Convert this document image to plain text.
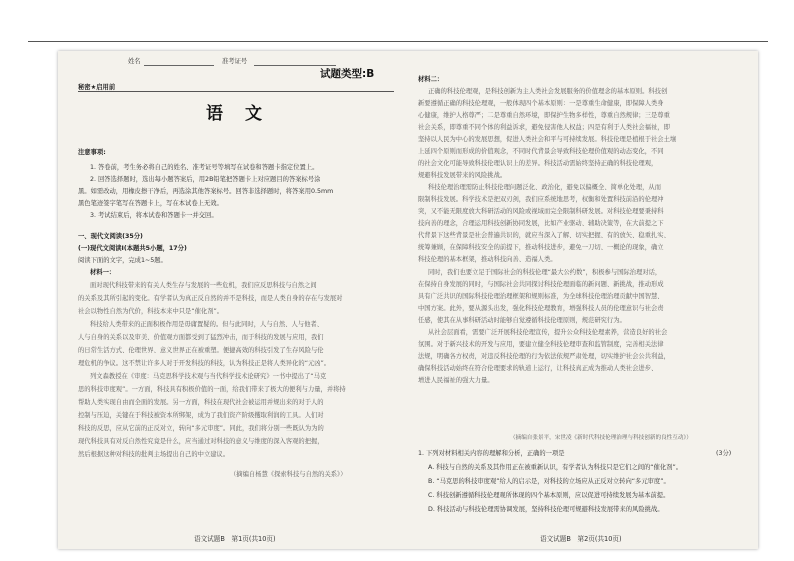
姓名	准考证号
试题类型:B
秘密★启用前
语文
注意事项:
1. 答卷前，考生务必将自己的姓名、准考证号等填写在试卷和答题卡指定位置上。
2. 回答选择题时，选出每小题答案后，用2B铅笔把答题卡上对应题目的答案标号涂
黑。如需改动，用橡皮擦干净后，再选涂其他答案标号。回答非选择题时，将答案用0.5mm
黑色笔迹签字笔写在答题卡上，写在本试卷上无效。
3. 考试结束后，将本试卷和答题卡一并交回。
一、现代文阅读(35分)
(一)现代文阅读Ⅰ(本题共5小题，17分)
阅读下面的文字，完成1~5题。
材料一：
面对现代科技带来的有关人类生存与发展的一些危机，我们应反思科技与自然之间
的关系及其所引起的变化。有学者认为真正反自然的并不是科技，而是人类自身的存在与发展对
社会以物性自然为代价，科技本来中只是“催化剂”。
科技给人类带来的正面积极作用是毋庸置疑的。但与此同时，人与自然、人与他者、
人与自身的关系以及审美、价值观方面都受到了猛烈冲击，而于科技的发展与应用，我们
的日常生活方式、伦理世界、意义世界正在被重塑。便捷高效的科技引发了生存风险与伦
理危机的争议。这不禁让许多人对于开发科技的科技，认为科技正是将人类异化的“元凶”。
列文森教授在《审度：马克思科学技术观与当代科学技术论研究》一书中提出了“马克
思的科技审度观”。一方面，科技具有积极价值的一面，给我们带来了极大的便利与力量，并将持
帮助人类实现自由而全面的发展。另一方面，科技在现代社会被运用并规出来的对于人的
控制与压迫，关键在于科技被资本所绑架，成为了我们资产阶级攫取利润的工具。人们对
科技的反思，应从它前的正反对立，转向“多元审度”。同此，我们将分别一些既认为为的
现代科技具有对反自然性究竟是什么，应当通过对科技的意义与维度的深入客观的把握，
然后根据这种对科技的批判主场提出自己的中立建议。
（摘编自杨慧《探索科技与自然的关系》）
语文试题B　第1页(共10页)
材料二：
正确的科技伦理观，是科技创新为主人类社会发展服务的价值理念的基本原则。科技创
新要遵循正确的科技伦理观，一般体现四个基本原则：一是尊重生命健康，即保障人类身
心健康，维护人格尊严；二是尊重自然环境，即保护生物多样性，尊重自然规律；三是尊重
社会关系，即尊重不同个体的利益诉求，避免侵害他人权益；四是有利于人类社会福祉，即
坚持以人民为中心的发展思想，促进人类社会和平与可持续发展。科技伦理是植根于社会土壤
上延四个原则而形成的价值观念，不同时代背景会导致科技伦理价值观的动态变化，不同
的社会文化可能导致科技伦理认识上的差异。科技活动需始终坚持正确的科技伦理观，
规避科技发展带来的风险挑战。
科技伦理治理需防止科技伦理问题泛化、政治化，避免以偏概全、简单化处理，从而
限制科技发展。科学技术是把双刃剑，我们应系统地思考，权衡和处置科技前沿的伦理冲
突，又不能无限度放大科研活动的风险或视域而完全限制科研发展。对科技伦理要秉持科
技向善的理念，合理运用科技创新协同发展，比如产业驱动、辅助决策等，在大前提之下
代背景下这些背景是社会普遍共识的，就应当深入了解、切实把握、有的放矢、稳重扎实、
统筹兼顾，在保障科技安全的前提下，推动科技进步，避免一刀切、一概论的现象，确立
科技伦理的基本框架，推动科技向善、造福人类。
同时，我们也要立足于国际社会的科技伦理“最大公约数”，积极参与国际治理对话，
在保持自身发展的同时，与国际社会共同探讨科技伦理面临的新问题、新挑战，推动形成
具有广泛共识的国际科技伦理治理框架和规则标准，为全球科技伦理治理贡献中国智慧、
中国方案。此外，要从源头出发，强化科技伦理教育，增强科技人员的伦理意识与社会责
任感，使其在从事科研活动时能够自觉遵循科技伦理原则，规范研究行为。
从社会层面看，需要广泛开展科技伦理宣传，提升公众科技伦理素养，营造良好的社会
氛围。对于新兴技术的开发与应用，要建立健全科技伦理审查和监管制度，完善相关法律
法规，明确各方权责，对违反科技伦理的行为依法依规严肃处理，切实维护社会公共利益，
确保科技活动始终在符合伦理要求的轨道上运行，让科技真正成为推动人类社会进步、
增进人民福祉的强大力量。
（摘编自张景平，宋世凌《新时代科技伦理治理与科技创新的良性互动》）
1. 下列对材料相关内容的理解和分析，正确的一项是	(3分)
A. 科技与自然的关系及其作用正在被重新认识，有学者认为科技只是它们之间的“催化剂”。
B. “马克思的科技审度观”给人的启示是，对科技的立场应从正反对立转向“多元审度”。
C. 科技创新遵循科技伦理观所体现的四个基本原则，应以促进可持续发展为基本前提。
D. 科技活动与科技伦理需协调发展，坚持科技伦理可规避科技发展带来的风险挑战。
语文试题B　第2页(共10页)
